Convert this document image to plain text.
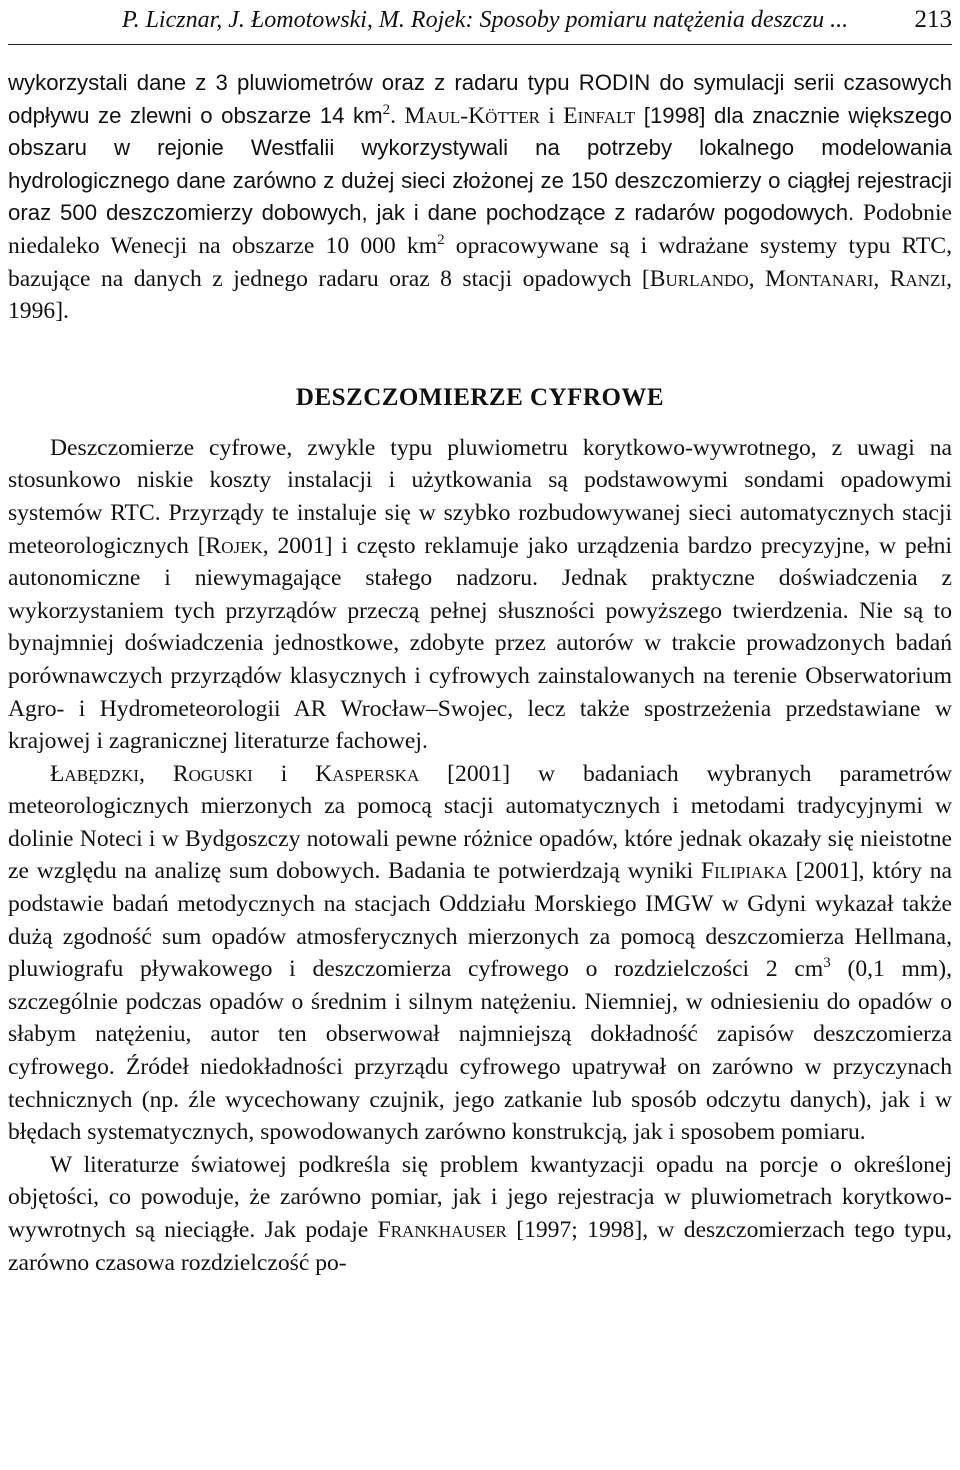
P. Licznar, J. Łomotowski, M. Rojek: Sposoby pomiaru natężenia deszczu ...	213

wykorzystali dane z 3 pluwiometrów oraz z radaru typu RODIN do symulacji serii czasowych odpływu ze zlewni o obszarze 14 $km^2$. Maul-Kötter i Einfalt [1998] dla znacznie większego obszaru w rejonie Westfalii wykorzystywali na potrzeby lokalnego modelowania hydrologicznego dane zarówno z dużej sieci złożonej ze 150 deszczomierzy o ciągłej rejestracji oraz 500 deszczomierzy dobowych, jak i dane pochodzące z radarów pogodowych. Podobnie niedaleko Wenecji na obszarze 10 000 $km^2$ opracowywane są i wdrażane systemy typu RTC, bazujące na danych z jednego radaru oraz 8 stacji opadowych [Burlando, Montanari, Ranzi, 1996].

DESZCZOMIERZE CYFROWE

Deszczomierze cyfrowe, zwykle typu pluwiometru korytkowo-wywrotnego, z uwagi na stosunkowo niskie koszty instalacji i użytkowania są podstawowymi sondami opadowymi systemów RTC. Przyrządy te instaluje się w szybko rozbudowywanej sieci automatycznych stacji meteorologicznych [Rojek, 2001] i często reklamuje jako urządzenia bardzo precyzyjne, w pełni autonomiczne i niewymagające stałego nadzoru. Jednak praktyczne doświadczenia z wykorzystaniem tych przyrządów przeczą pełnej słuszności powyższego twierdzenia. Nie są to bynajmniej doświadczenia jednostkowe, zdobyte przez autorów w trakcie prowadzonych badań porównawczych przyrządów klasycznych i cyfrowych zainstalowanych na terenie Obserwatorium Agro- i Hydrometeorologii AR Wrocław–Swojec, lecz także spostrzeżenia przedstawiane w krajowej i zagranicznej literaturze fachowej.

Łabędzki, Roguski i Kasperska [2001] w badaniach wybranych parametrów meteorologicznych mierzonych za pomocą stacji automatycznych i metodami tradycyjnymi w dolinie Noteci i w Bydgoszczy notowali pewne różnice opadów, które jednak okazały się nieistotne ze względu na analizę sum dobowych. Badania te potwierdzają wyniki Filipiaka [2001], który na podstawie badań metodycznych na stacjach Oddziału Morskiego IMGW w Gdyni wykazał także dużą zgodność sum opadów atmosferycznych mierzonych za pomocą deszczomierza Hellmana, pluwiografu pływakowego i deszczomierza cyfrowego o rozdzielczości 2 $cm^3$ (0,1 mm), szczególnie podczas opadów o średnim i silnym natężeniu. Niemniej, w odniesieniu do opadów o słabym natężeniu, autor ten obserwował najmniejszą dokładność zapisów deszczomierza cyfrowego. Źródeł niedokładności przyrządu cyfrowego upatrywał on zarówno w przyczynach technicznych (np. źle wycechowany czujnik, jego zatkanie lub sposób odczytu danych), jak i w błędach systematycznych, spowodowanych zarówno konstrukcją, jak i sposobem pomiaru.

W literaturze światowej podkreśla się problem kwantyzacji opadu na porcje o określonej objętości, co powoduje, że zarówno pomiar, jak i jego rejestracja w pluwiometrach korytkowo-wywrotnych są nieciągłe. Jak podaje Frankhauser [1997; 1998], w deszczomierzach tego typu, zarówno czasowa rozdzielczość po-
